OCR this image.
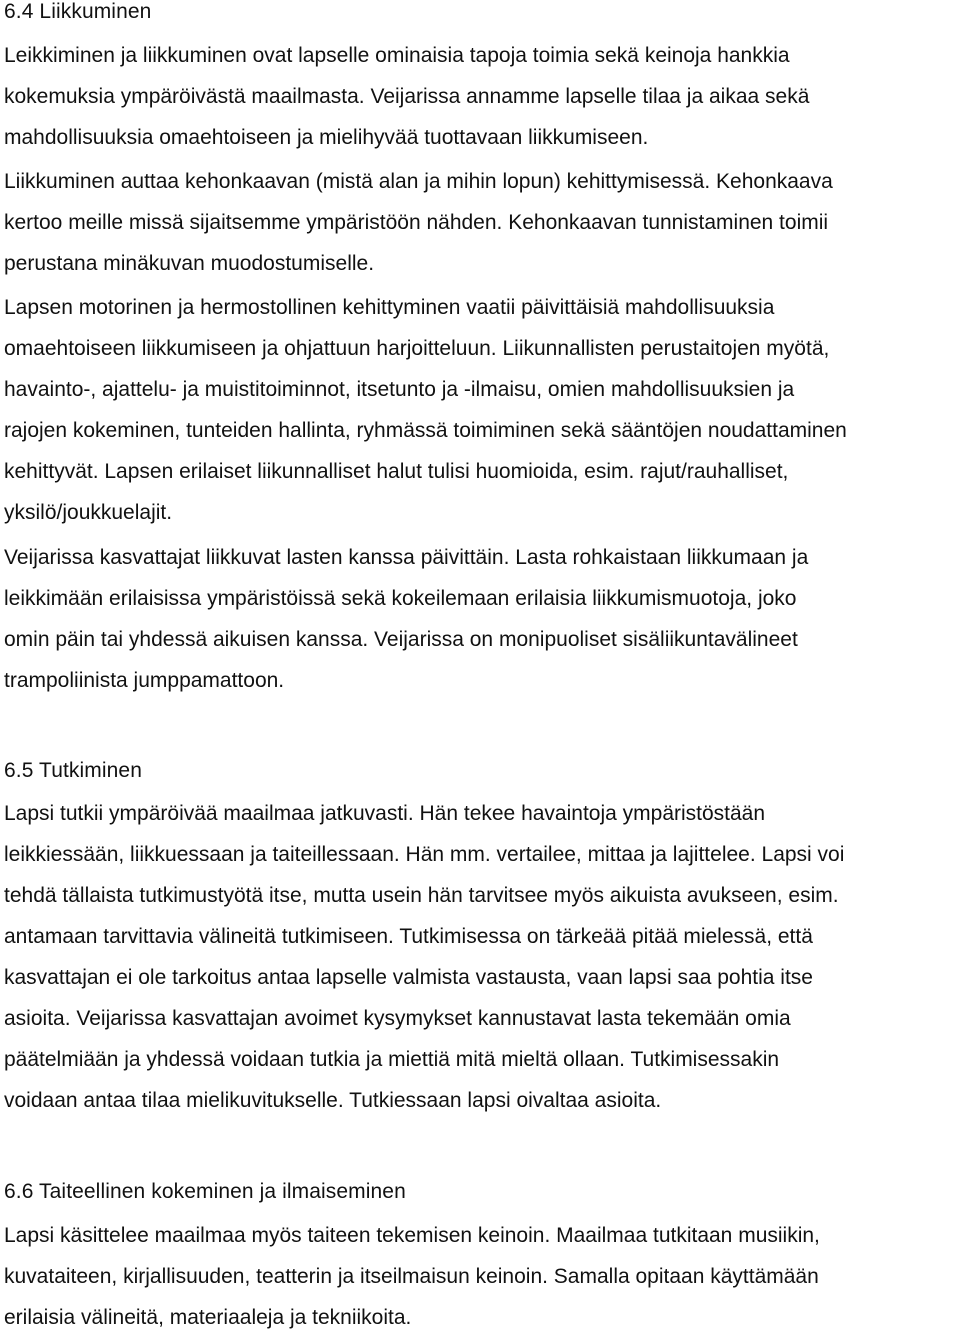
6.4 Liikkuminen

Leikkiminen ja liikkuminen ovat lapselle ominaisia tapoja toimia sekä keinoja hankkia
kokemuksia ympäröivästä maailmasta. Veijarissa annamme lapselle tilaa ja aikaa sekä
mahdollisuuksia omaehtoiseen ja mielihyvää tuottavaan liikkumiseen.

Liikkuminen auttaa kehonkaavan (mistä alan ja mihin lopun) kehittymisessä. Kehonkaava
kertoo meille missä sijaitsemme ympäristöön nähden. Kehonkaavan tunnistaminen toimii
perustana minäkuvan muodostumiselle.

Lapsen motorinen ja hermostollinen kehittyminen vaatii päivittäisiä mahdollisuuksia
omaehtoiseen liikkumiseen ja ohjattuun harjoitteluun. Liikunnallisten perustaitojen myötä,
havainto-, ajattelu- ja muistitoiminnot, itsetunto ja -ilmaisu, omien mahdollisuuksien ja
rajojen kokeminen, tunteiden hallinta, ryhmässä toimiminen sekä sääntöjen noudattaminen
kehittyvät. Lapsen erilaiset liikunnalliset halut tulisi huomioida, esim. rajut/rauhalliset,
yksilö/joukkuelajit.

Veijarissa kasvattajat liikkuvat lasten kanssa päivittäin. Lasta rohkaistaan liikkumaan ja
leikkimään erilaisissa ympäristöissä sekä kokeilemaan erilaisia liikkumismuotoja, joko
omin päin tai yhdessä aikuisen kanssa. Veijarissa on monipuoliset sisäliikuntavälineet
trampoliinista jumppamattoon.

6.5 Tutkiminen

Lapsi tutkii ympäröivää maailmaa jatkuvasti. Hän tekee havaintoja ympäristöstään
leikkiessään, liikkuessaan ja taiteillessaan. Hän mm. vertailee, mittaa ja lajittelee. Lapsi voi
tehdä tällaista tutkimustyötä itse, mutta usein hän tarvitsee myös aikuista avukseen, esim.
antamaan tarvittavia välineitä tutkimiseen. Tutkimisessa on tärkeää pitää mielessä, että
kasvattajan ei ole tarkoitus antaa lapselle valmista vastausta, vaan lapsi saa pohtia itse
asioita. Veijarissa kasvattajan avoimet kysymykset kannustavat lasta tekemään omia
päätelmiään ja yhdessä voidaan tutkia ja miettiä mitä mieltä ollaan. Tutkimisessakin
voidaan antaa tilaa mielikuvitukselle. Tutkiessaan lapsi oivaltaa asioita.

6.6 Taiteellinen kokeminen ja ilmaiseminen

Lapsi käsittelee maailmaa myös taiteen tekemisen keinoin. Maailmaa tutkitaan musiikin,
kuvataiteen, kirjallisuuden, teatterin ja itseilmaisun keinoin. Samalla opitaan käyttämään
erilaisia välineitä, materiaaleja ja tekniikoita.
